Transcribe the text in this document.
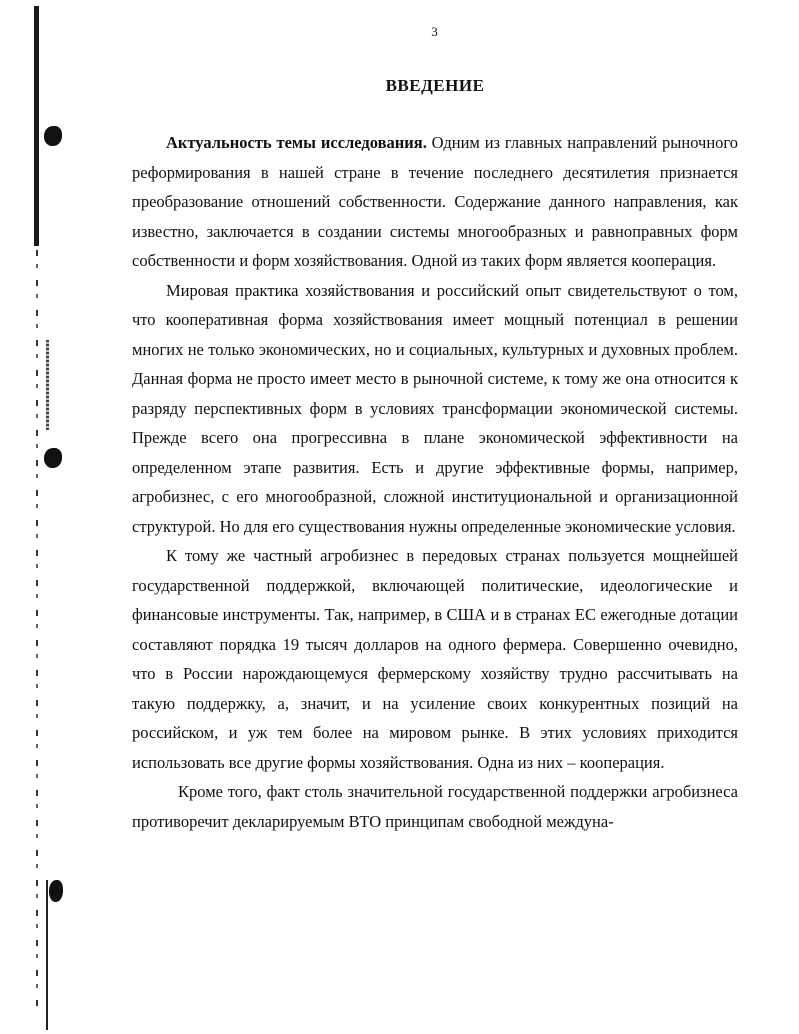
3
ВВЕДЕНИЕ

Актуальность темы исследования. Одним из главных направлений рыночного реформирования в нашей стране в течение последнего десятилетия признается преобразование отношений собственности. Содержание данного направления, как известно, заключается в создании системы многообразных и равноправных форм собственности и форм хозяйствования. Одной из таких форм является кооперация.

Мировая практика хозяйствования и российский опыт свидетельствуют о том, что кооперативная форма хозяйствования имеет мощный потенциал в решении многих не только экономических, но и социальных, культурных и духовных проблем. Данная форма не просто имеет место в рыночной системе, к тому же она относится к разряду перспективных форм в условиях трансформации экономической системы. Прежде всего она прогрессивна в плане экономической эффективности на определенном этапе развития. Есть и другие эффективные формы, например, агробизнес, с его многообразной, сложной институциональной и организационной структурой. Но для его существования нужны определенные экономические условия.

К тому же частный агробизнес в передовых странах пользуется мощнейшей государственной поддержкой, включающей политические, идеологические и финансовые инструменты. Так, например, в США и в странах ЕС ежегодные дотации составляют порядка 19 тысяч долларов на одного фермера. Совершенно очевидно, что в России нарождающемуся фермерскому хозяйству трудно рассчитывать на такую поддержку, а, значит, и на усиление своих конкурентных позиций на российском, и уж тем более на мировом рынке. В этих условиях приходится использовать все другие формы хозяйствования. Одна из них – кооперация.

Кроме того, факт столь значительной государственной поддержки агробизнеса противоречит декларируемым ВТО принципам свободной междуна-
